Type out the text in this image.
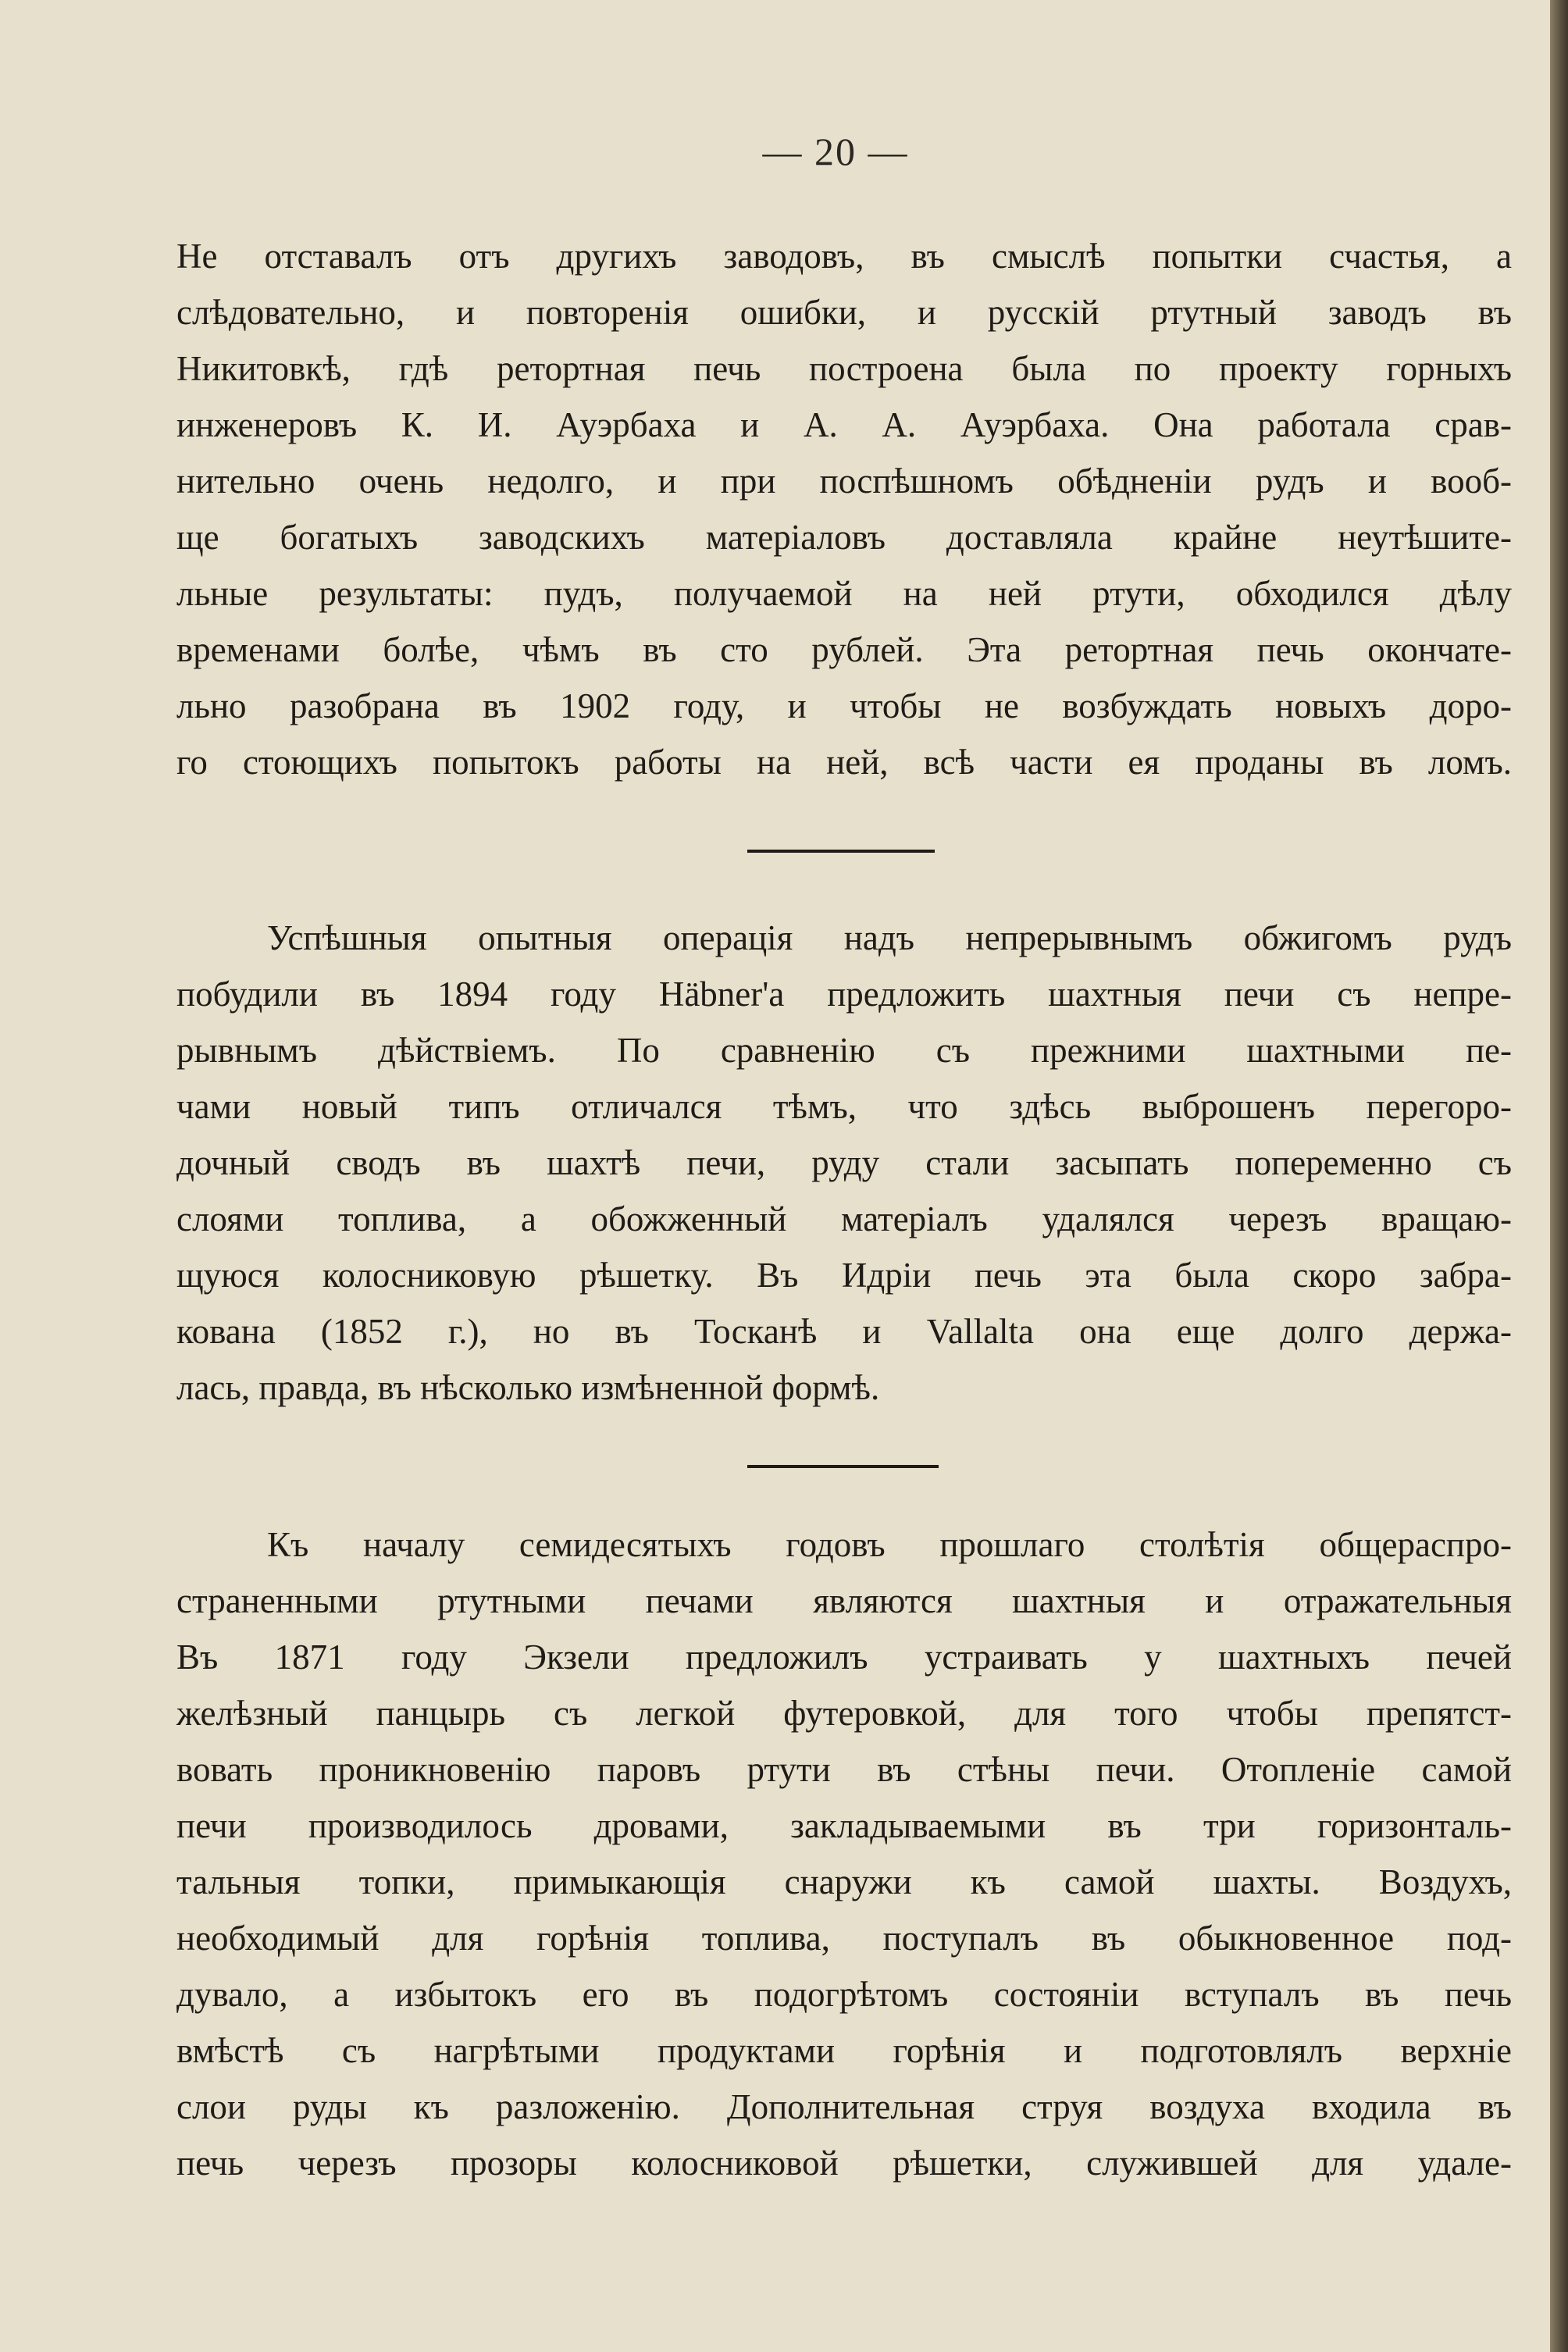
— 20 —
Не отставалъ отъ другихъ заводовъ, въ смыслѣ попытки счастья, а
слѣдовательно, и повторенія ошибки, и русскій ртутный заводъ въ
Никитовкѣ, гдѣ ретортная печь построена была по проекту горныхъ
инженеровъ К. И. Ауэрбаха и А. А. Ауэрбаха. Она работала срав-
нительно очень недолго, и при поспѣшномъ обѣдненіи рудъ и вооб-
ще богатыхъ заводскихъ матеріаловъ доставляла крайне неутѣшите-
льные результаты: пудъ, получаемой на ней ртути, обходился дѣлу
временами болѣе, чѣмъ въ сто рублей. Эта ретортная печь окончате-
льно разобрана въ 1902 году, и чтобы не возбуждать новыхъ доро-
го стоющихъ попытокъ работы на ней, всѣ части ея проданы въ ломъ.
Успѣшныя опытныя операція надъ непрерывнымъ обжигомъ рудъ
побудили въ 1894 году Häbner'а предложить шахтныя печи съ непре-
рывнымъ дѣйствіемъ. По сравненію съ прежними шахтными пе-
чами новый типъ отличался тѣмъ, что здѣсь выброшенъ перегоро-
дочный сводъ въ шахтѣ печи, руду стали засыпать попеременно съ
слоями топлива, а обожженный матеріалъ удалялся черезъ вращаю-
щуюся колосниковую рѣшетку. Въ Идріи печь эта была скоро забра-
кована (1852 г.), но въ Тосканѣ и Vallalta она еще долго держа-
лась, правда, въ нѣсколько измѣненной формѣ.
Къ началу семидесятыхъ годовъ прошлаго столѣтія общераспро-
страненными ртутными печами являются шахтныя и отражательныя
Въ 1871 году Экзели предложилъ устраивать у шахтныхъ печей
желѣзный панцырь съ легкой футеровкой, для того чтобы препятст-
вовать проникновенію паровъ ртути въ стѣны печи. Отопленіе самой
печи производилось дровами, закладываемыми въ три горизонталь-
тальныя топки, примыкающія снаружи къ самой шахты. Воздухъ,
необходимый для горѣнія топлива, поступалъ въ обыкновенное под-
дувало, а избытокъ его въ подогрѣтомъ состояніи вступалъ въ печь
вмѣстѣ съ нагрѣтыми продуктами горѣнія и подготовлялъ верхніе
слои руды къ разложенію. Дополнительная струя воздуха входила въ
печь черезъ прозоры колосниковой рѣшетки, служившей для удале-
